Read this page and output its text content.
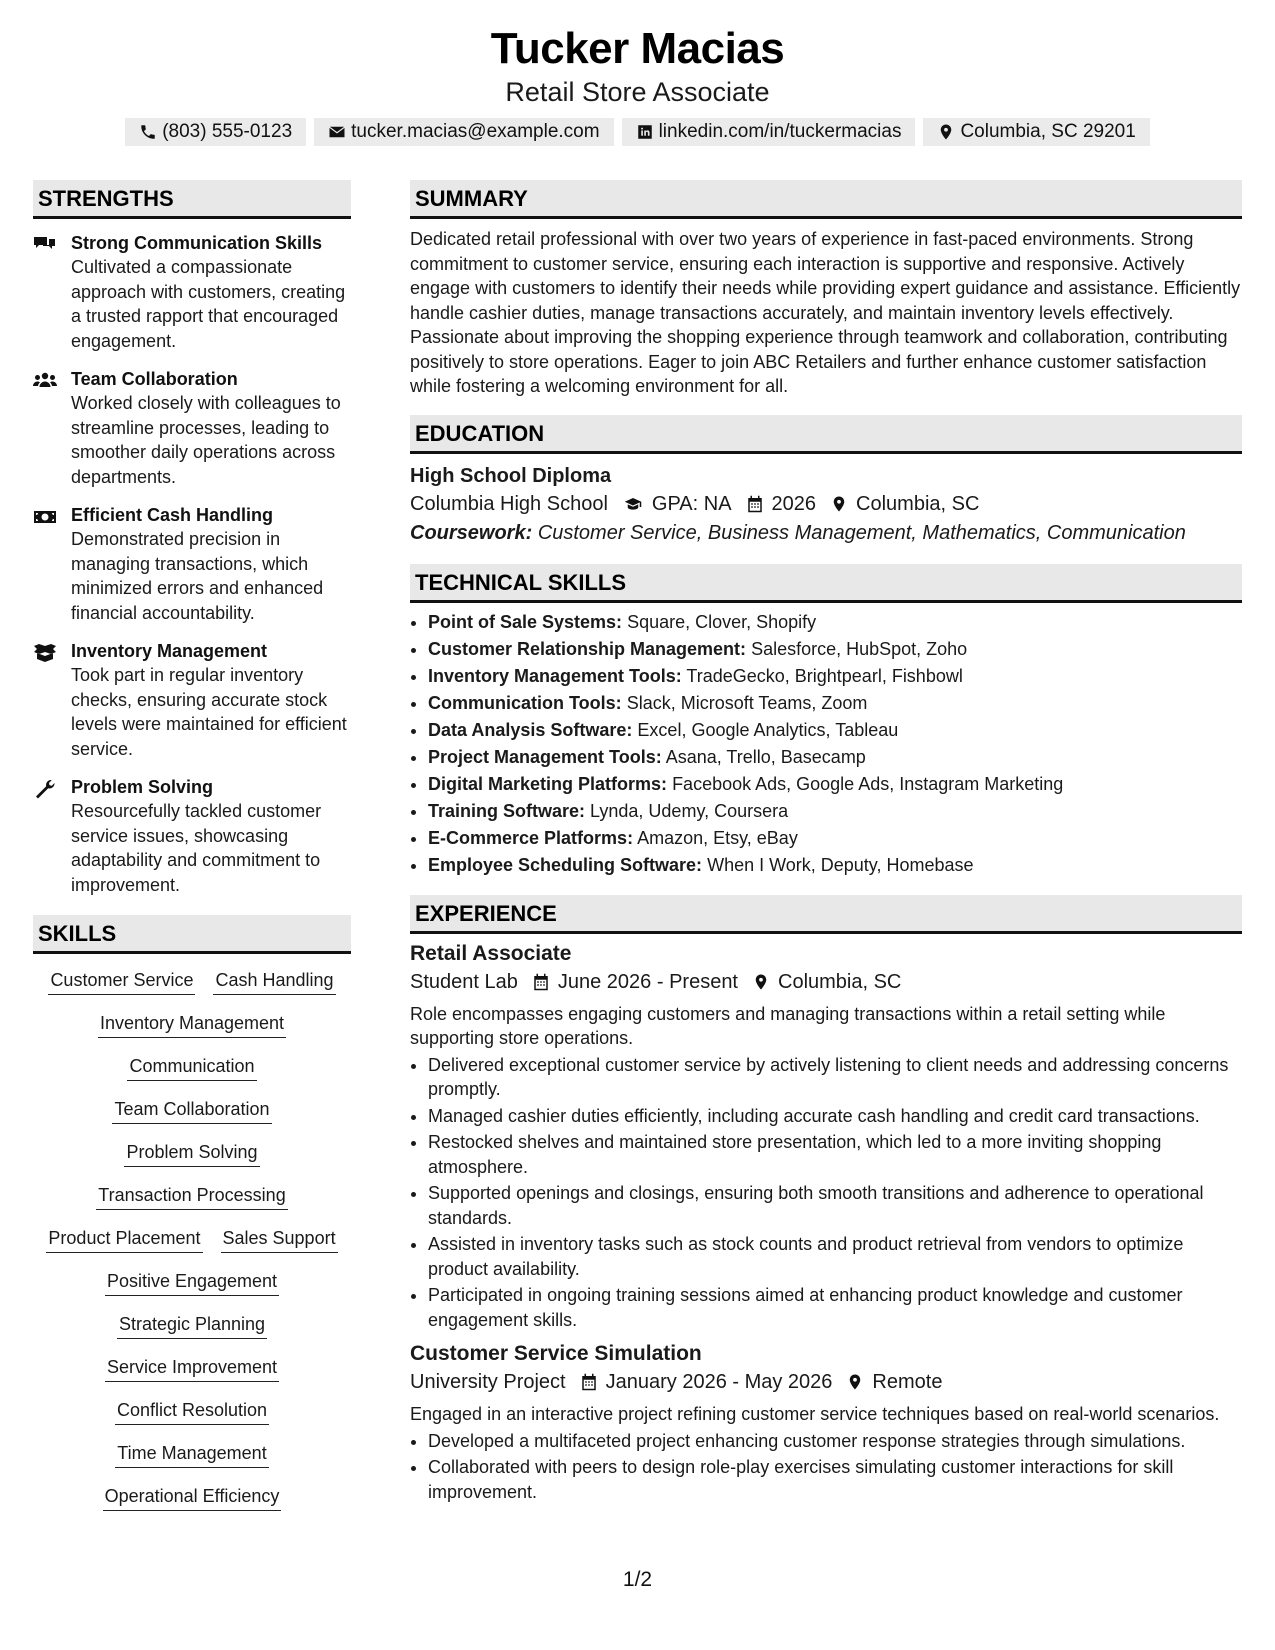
Tucker Macias
Retail Store Associate
(803) 555-0123	tucker.macias@example.com	linkedin.com/in/tuckermacias	Columbia, SC 29201
STRENGTHS
Strong Communication Skills
Cultivated a compassionate approach with customers, creating a trusted rapport that encouraged engagement.
Team Collaboration
Worked closely with colleagues to streamline processes, leading to smoother daily operations across departments.
Efficient Cash Handling
Demonstrated precision in managing transactions, which minimized errors and enhanced financial accountability.
Inventory Management
Took part in regular inventory checks, ensuring accurate stock levels were maintained for efficient service.
Problem Solving
Resourcefully tackled customer service issues, showcasing adaptability and commitment to improvement.
SKILLS
Customer Service Cash Handling
Inventory Management
Communication
Team Collaboration
Problem Solving
Transaction Processing
Product Placement Sales Support
Positive Engagement
Strategic Planning
Service Improvement
Conflict Resolution
Time Management
Operational Efficiency
SUMMARY
Dedicated retail professional with over two years of experience in fast-paced environments. Strong commitment to customer service, ensuring each interaction is supportive and responsive. Actively engage with customers to identify their needs while providing expert guidance and assistance. Efficiently handle cashier duties, manage transactions accurately, and maintain inventory levels effectively. Passionate about improving the shopping experience through teamwork and collaboration, contributing positively to store operations. Eager to join ABC Retailers and further enhance customer satisfaction while fostering a welcoming environment for all.
EDUCATION
High School Diploma
Columbia High School GPA: NA 2026 Columbia, SC
Coursework: Customer Service, Business Management, Mathematics, Communication
TECHNICAL SKILLS
• Point of Sale Systems: Square, Clover, Shopify
• Customer Relationship Management: Salesforce, HubSpot, Zoho
• Inventory Management Tools: TradeGecko, Brightpearl, Fishbowl
• Communication Tools: Slack, Microsoft Teams, Zoom
• Data Analysis Software: Excel, Google Analytics, Tableau
• Project Management Tools: Asana, Trello, Basecamp
• Digital Marketing Platforms: Facebook Ads, Google Ads, Instagram Marketing
• Training Software: Lynda, Udemy, Coursera
• E-Commerce Platforms: Amazon, Etsy, eBay
• Employee Scheduling Software: When I Work, Deputy, Homebase
EXPERIENCE
Retail Associate
Student Lab June 2026 - Present Columbia, SC
Role encompasses engaging customers and managing transactions within a retail setting while supporting store operations.
• Delivered exceptional customer service by actively listening to client needs and addressing concerns promptly.
• Managed cashier duties efficiently, including accurate cash handling and credit card transactions.
• Restocked shelves and maintained store presentation, which led to a more inviting shopping atmosphere.
• Supported openings and closings, ensuring both smooth transitions and adherence to operational standards.
• Assisted in inventory tasks such as stock counts and product retrieval from vendors to optimize product availability.
• Participated in ongoing training sessions aimed at enhancing product knowledge and customer engagement skills.
Customer Service Simulation
University Project January 2026 - May 2026 Remote
Engaged in an interactive project refining customer service techniques based on real-world scenarios.
• Developed a multifaceted project enhancing customer response strategies through simulations.
• Collaborated with peers to design role-play exercises simulating customer interactions for skill improvement.
1/2
